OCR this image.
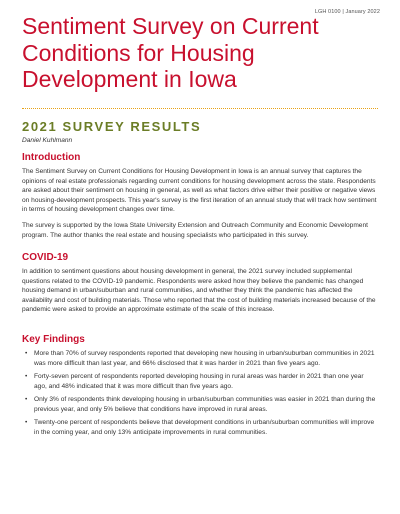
LGH 0100 | January 2022
Sentiment Survey on Current Conditions for Housing Development in Iowa
2021 SURVEY RESULTS
Daniel Kuhlmann
Introduction

The Sentiment Survey on Current Conditions for Housing Development in Iowa is an annual survey that captures the opinions of real estate professionals regarding current conditions for housing development across the state. Respondents are asked about their sentiment on housing in general, as well as what factors drive either their positive or negative views on housing-development prospects. This year's survey is the first iteration of an annual study that will track how sentiment in terms of housing development changes over time.

The survey is supported by the Iowa State University Extension and Outreach Community and Economic Development program. The author thanks the real estate and housing specialists who participated in this survey.

COVID-19

In addition to sentiment questions about housing development in general, the 2021 survey included supplemental questions related to the COVID-19 pandemic. Respondents were asked how they believe the pandemic has changed housing demand in urban/suburban and rural communities, and whether they think the pandemic has affected the availability and cost of building materials. Those who reported that the cost of building materials increased because of the pandemic were asked to provide an approximate estimate of the scale of this increase.

Key Findings
• More than 70% of survey respondents reported that developing new housing in urban/suburban communities in 2021 was more difficult than last year, and 66% disclosed that it was harder in 2021 than five years ago.
• Forty-seven percent of respondents reported developing housing in rural areas was harder in 2021 than one year ago, and 48% indicated that it was more difficult than five years ago.
• Only 3% of respondents think developing housing in urban/suburban communities was easier in 2021 than during the previous year, and only 5% believe that conditions have improved in rural areas.
• Twenty-one percent of respondents believe that development conditions in urban/suburban communities will improve in the coming year, and only 13% anticipate improvements in rural communities.
